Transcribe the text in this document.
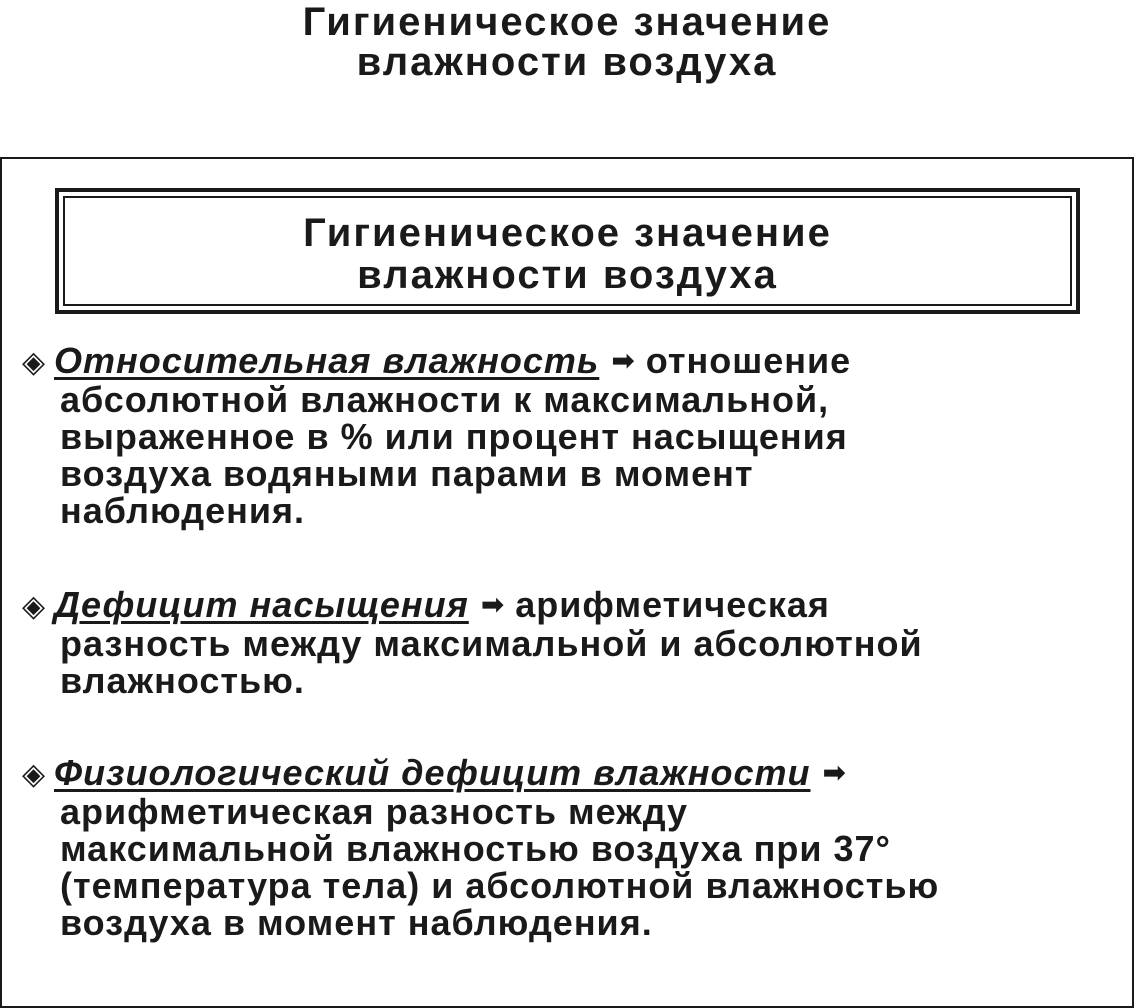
Гигиеническое значение
влажности воздуха
Гигиеническое значение
влажности воздуха
◈ Относительная влажность ➡ отношение
абсолютной влажности к максимальной,
выраженное в % или процент насыщения
воздуха водяными парами в момент
наблюдения.
◈ Дефицит насыщения ➡ арифметическая
разность между максимальной и абсолютной
влажностью.
◈ Физиологический дефицит влажности ➡
арифметическая разность между
максимальной влажностью воздуха при 37°
(температура тела) и абсолютной влажностью
воздуха в момент наблюдения.
